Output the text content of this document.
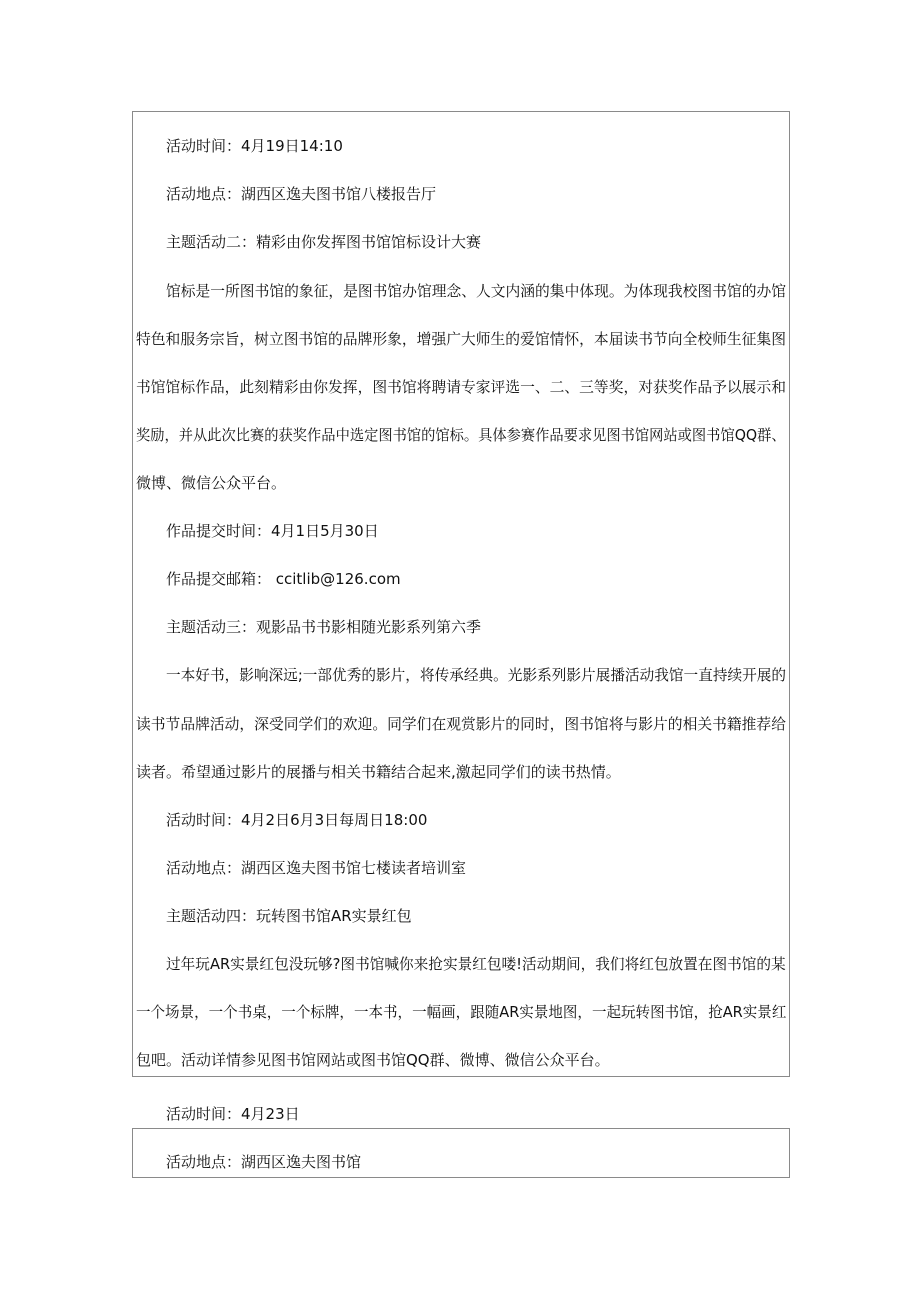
活动时间：4月19日14:10
活动地点：湖西区逸夫图书馆八楼报告厅
主题活动二：精彩由你发挥图书馆馆标设计大赛
馆标是一所图书馆的象征，是图书馆办馆理念、人文内涵的集中体现。为体现我校图书馆的办馆
特色和服务宗旨，树立图书馆的品牌形象，增强广大师生的爱馆情怀，本届读书节向全校师生征集图
书馆馆标作品，此刻精彩由你发挥，图书馆将聘请专家评选一、二、三等奖，对获奖作品予以展示和
奖励，并从此次比赛的获奖作品中选定图书馆的馆标。具体参赛作品要求见图书馆网站或图书馆QQ群、
微博、微信公众平台。
作品提交时间：4月1日5月30日
作品提交邮箱： ccitlib@126.com
主题活动三：观影品书书影相随光影系列第六季
一本好书，影响深远;一部优秀的影片，将传承经典。光影系列影片展播活动我馆一直持续开展的
读书节品牌活动，深受同学们的欢迎。同学们在观赏影片的同时，图书馆将与影片的相关书籍推荐给
读者。希望通过影片的展播与相关书籍结合起来,激起同学们的读书热情。
活动时间：4月2日6月3日每周日18:00
活动地点：湖西区逸夫图书馆七楼读者培训室
主题活动四：玩转图书馆AR实景红包
过年玩AR实景红包没玩够?图书馆喊你来抢实景红包喽!活动期间，我们将红包放置在图书馆的某
一个场景，一个书桌，一个标牌，一本书，一幅画，跟随AR实景地图，一起玩转图书馆，抢AR实景红
包吧。活动详情参见图书馆网站或图书馆QQ群、微博、微信公众平台。
活动时间：4月23日
活动地点：湖西区逸夫图书馆
